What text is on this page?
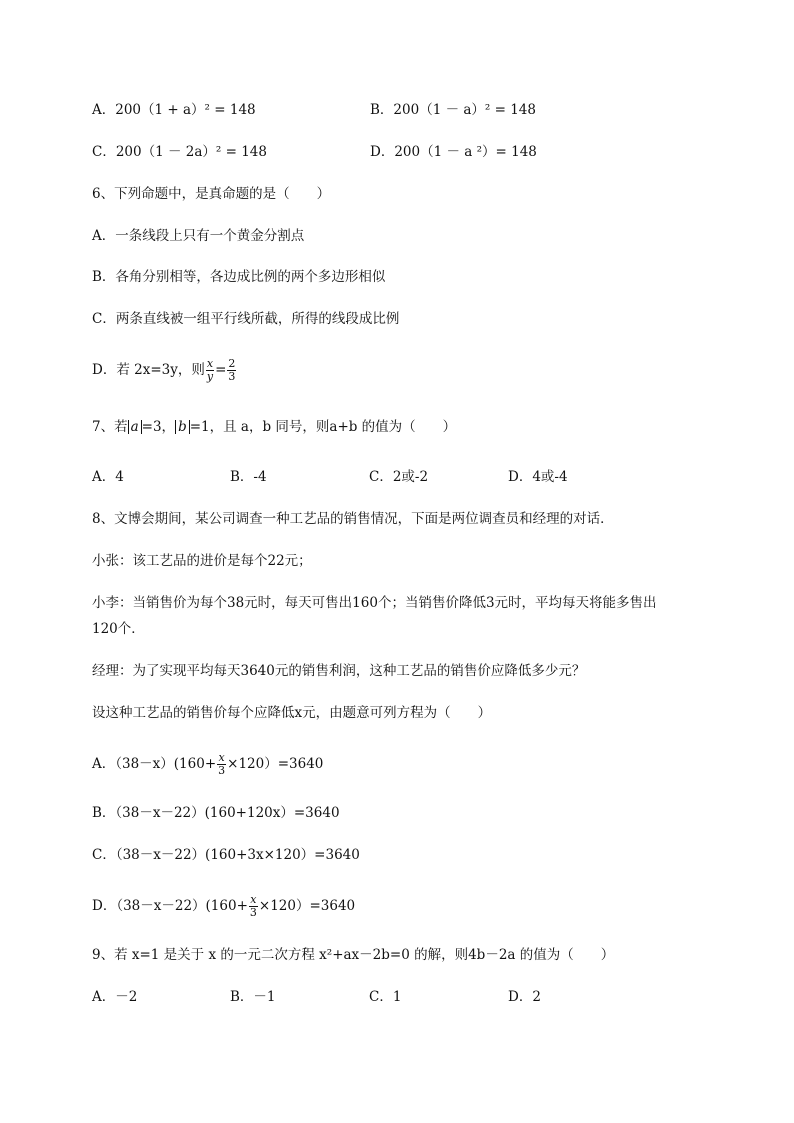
A．200（1 + a）² = 148	B．200（1 － a）² = 148
C．200（1 － 2a）² = 148	D．200（1 － a ²）= 148
6、下列命题中，是真命题的是（　　）
A．一条线段上只有一个黄金分割点
B．各角分别相等，各边成比例的两个多边形相似
C．两条直线被一组平行线所截，所得的线段成比例
D．若 2x=3y，则 $\frac{x}{y} = \frac{2}{3}$
7、若 a =3， b =1，且 a，b 同号，则a+b 的值为（　　）
A．4	B．-4	C．2或-2	D．4或-4
8、文博会期间，某公司调查一种工艺品的销售情况，下面是两位调查员和经理的对话．
小张：该工艺品的进价是每个22元；
小李：当销售价为每个38元时，每天可售出160个；当销售价降低3元时，平均每天将能多售出
120个．
经理：为了实现平均每天3640元的销售利润，这种工艺品的销售价应降低多少元？
设这种工艺品的销售价每个应降低x元，由题意可列方程为（　　）
A．$(38-x)(160+ \frac{x}{3} \times 120)=3640$
B．（38－x－22）(160+120x）=3640
C．（38－x－22）(160+3x×120）=3640
D．$(38-x-22)(160+ \frac{x}{3} \times 120)=3640$
9、若 x=1 是关于 x 的一元二次方程 x²+ax－2b=0 的解，则4b－2a 的值为（　　）
A．－2	B．－1	C．1	D．2
